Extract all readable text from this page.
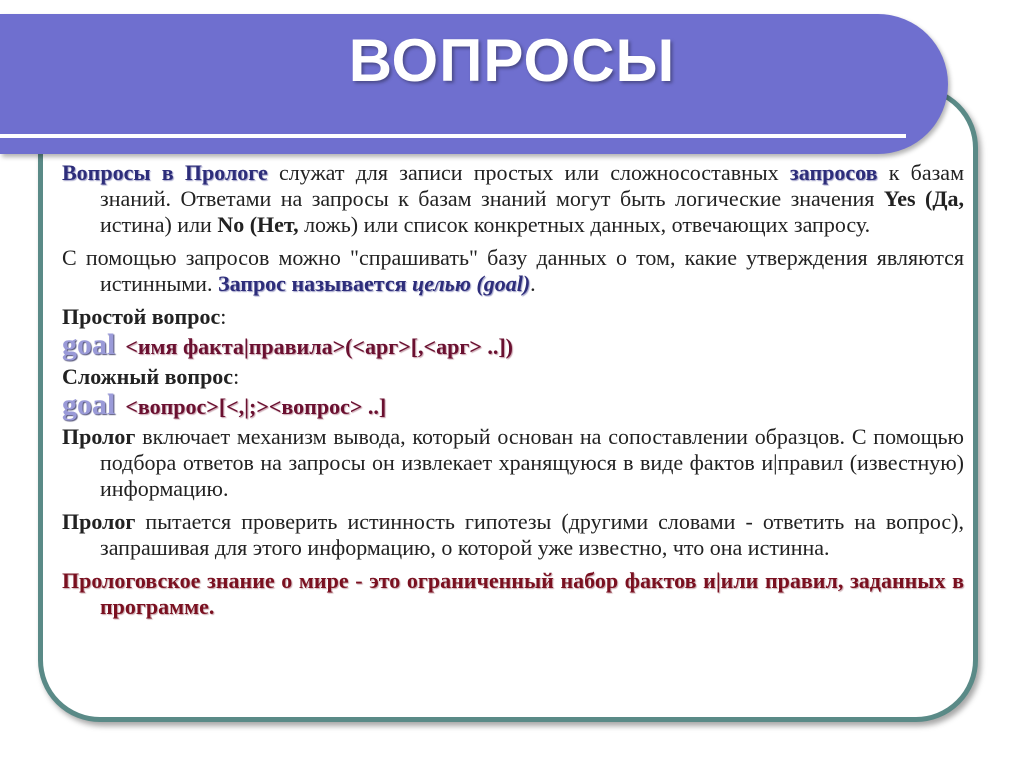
ВОПРОСЫ

Вопросы в Прологе служат для записи простых или сложносоставных запросов к базам знаний. Ответами на запросы к базам знаний могут быть логические значения Yes (Да, истина) или No (Нет, ложь) или список конкретных данных, отвечающих запросу.

С помощью запросов можно "спрашивать" базу данных о том, какие утверждения являются истинными. Запрос называется целью (goal).

Простой вопрос:
goal <имя факта|правила>(<арг>[,<арг> ..])
Сложный вопрос:
goal <вопрос>[<,|;><вопрос> ..]

Пролог включает механизм вывода, который основан на сопоставлении образцов. С помощью подбора ответов на запросы он извлекает хранящуюся в виде фактов и|правил (известную) информацию.

Пролог пытается проверить истинность гипотезы (другими словами - ответить на вопрос), запрашивая для этого информацию, о которой уже известно, что она истинна.

Прологовское знание о мире - это ограниченный набор фактов и|или правил, заданных в программе.
